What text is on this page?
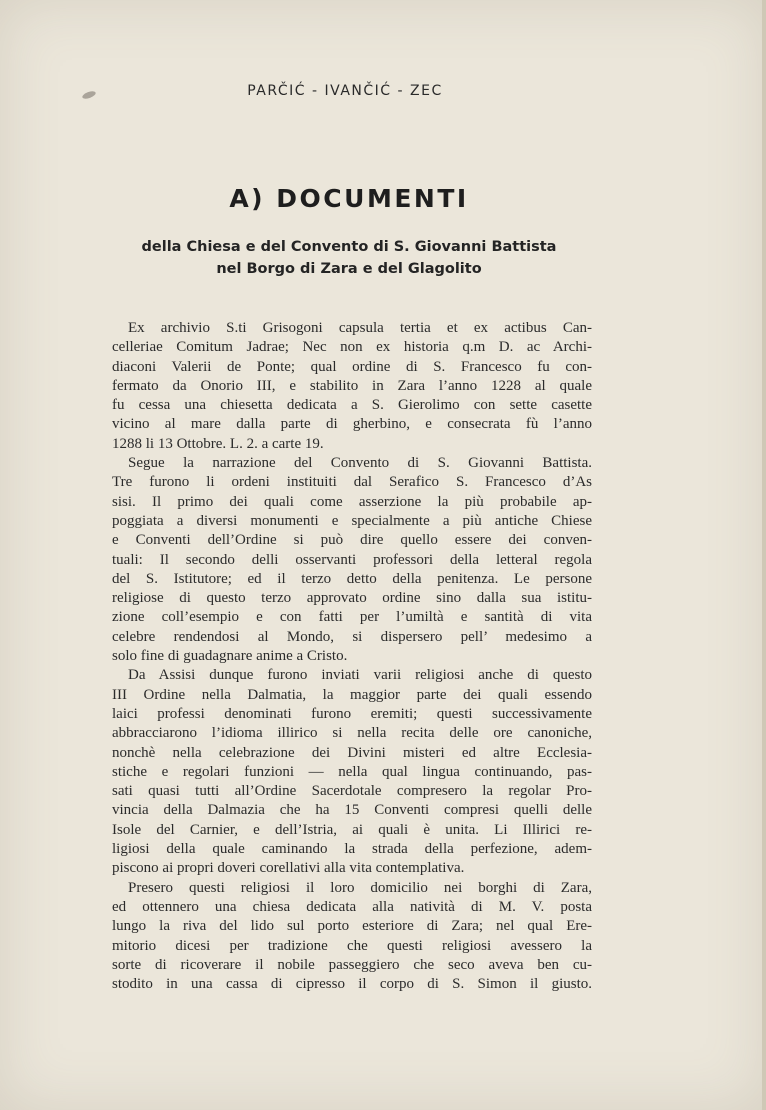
PARČIĆ - IVANČIĆ - ZEC
A) DOCUMENTI
della Chiesa e del Convento di S. Giovanni Battista
nel Borgo di Zara e del Glagolito
Ex archivio S.ti Grisogoni capsula tertia et ex actibus Can-
celleriae Comitum Jadrae; Nec non ex historia q.m D. ac Archi-
diaconi Valerii de Ponte; qual ordine di S. Francesco fu con-
fermato da Onorio III, e stabilito in Zara l’anno 1228 al quale
fu cessa una chiesetta dedicata a S. Gierolimo con sette casette
vicino al mare dalla parte di gherbino, e consecrata fù l’anno
1288 li 13 Ottobre. L. 2. a carte 19.
Segue la narrazione del Convento di S. Giovanni Battista.
Tre furono li ordeni instituiti dal Serafico S. Francesco d’As
sisi. Il primo dei quali come asserzione la più probabile ap-
poggiata a diversi monumenti e specialmente a più antiche Chiese
e Conventi dell’Ordine si può dire quello essere dei conven-
tuali: Il secondo delli osservanti professori della letteral regola
del S. Istitutore; ed il terzo detto della penitenza. Le persone
religiose di questo terzo approvato ordine sino dalla sua istitu-
zione coll’esempio e con fatti per l’umiltà e santità di vita
celebre rendendosi al Mondo, si dispersero pell’ medesimo a
solo fine di guadagnare anime a Cristo.
Da Assisi dunque furono inviati varii religiosi anche di questo
III Ordine nella Dalmatia, la maggior parte dei quali essendo
laici professi denominati furono eremiti; questi successivamente
abbracciarono l’idioma illirico si nella recita delle ore canoniche,
nonchè nella celebrazione dei Divini misteri ed altre Ecclesia-
stiche e regolari funzioni — nella qual lingua continuando, pas-
sati quasi tutti all’Ordine Sacerdotale compresero la regolar Pro-
vincia della Dalmazia che ha 15 Conventi compresi quelli delle
Isole del Carnier, e dell’Istria, ai quali è unita. Li Illirici re-
ligiosi della quale caminando la strada della perfezione, adem-
piscono ai propri doveri corellativi alla vita contemplativa.
Presero questi religiosi il loro domicilio nei borghi di Zara,
ed ottennero una chiesa dedicata alla natività di M. V. posta
lungo la riva del lido sul porto esteriore di Zara; nel qual Ere-
mitorio dicesi per tradizione che questi religiosi avessero la
sorte di ricoverare il nobile passeggiero che seco aveva ben cu-
stodito in una cassa di cipresso il corpo di S. Simon il giusto.
